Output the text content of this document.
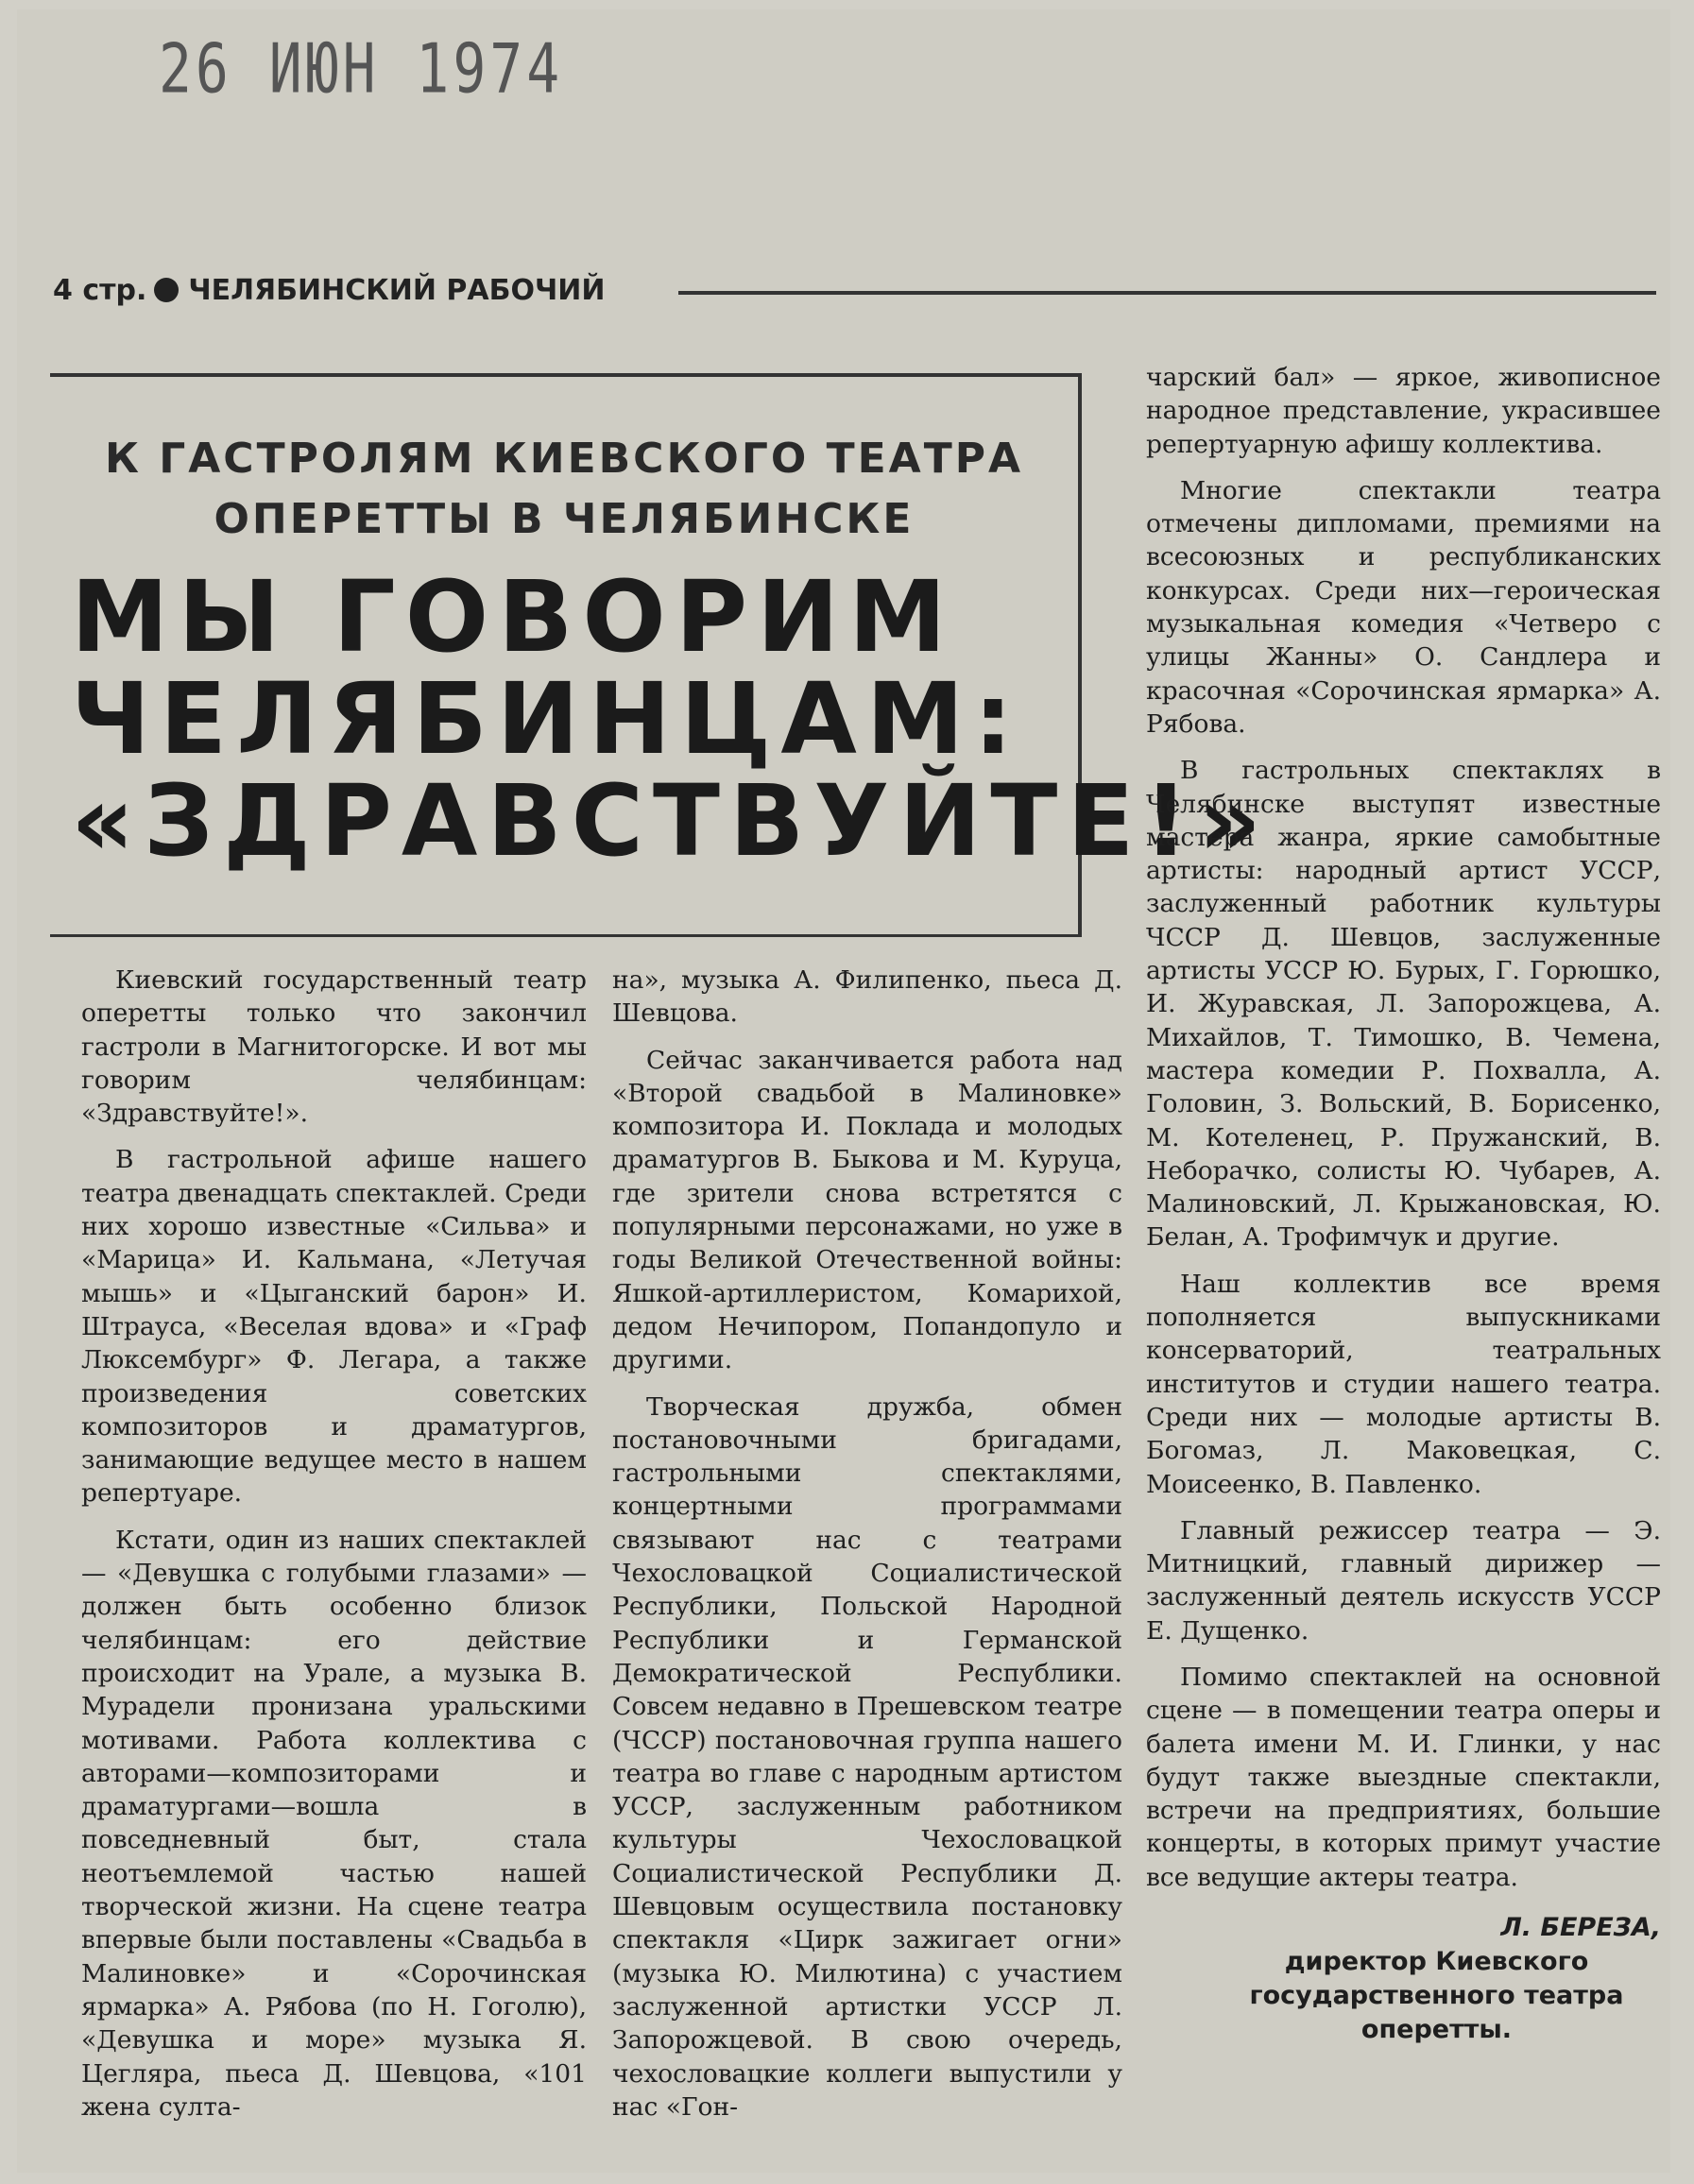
26 ИЮН 1974
4 стр. ЧЕЛЯБИНСКИЙ РАБОЧИЙ
К ГАСТРОЛЯМ КИЕВСКОГО ТЕАТРА
ОПЕРЕТТЫ В ЧЕЛЯБИНСКЕ
МЫ ГОВОРИМ
ЧЕЛЯБИНЦАМ:
«ЗДРАВСТВУЙТЕ!»

Киевский государственный театр оперетты только что закончил гастроли в Магнитогорске. И вот мы говорим челябинцам: «Здравствуйте!».

В гастрольной афише нашего театра двенадцать спектаклей. Среди них хорошо известные «Сильва» и «Марица» И. Кальмана, «Летучая мышь» и «Цыганский барон» И. Штрауса, «Веселая вдова» и «Граф Люксембург» Ф. Легара, а также произведения советских композиторов и драматургов, занимающие ведущее место в нашем репертуаре.

Кстати, один из наших спектаклей — «Девушка с голубыми глазами» — должен быть особенно близок челябинцам: его действие происходит на Урале, а музыка В. Мурадели пронизана уральскими мотивами. Работа коллектива с авторами—композиторами и драматургами—вошла в повседневный быт, стала неотъемлемой частью нашей творческой жизни. На сцене театра впервые были поставлены «Свадьба в Малиновке» и «Сорочинская ярмарка» А. Рябова (по Н. Гоголю), «Девушка и море» музыка Я. Цегляра, пьеса Д. Шевцова, «101 жена султа-

на», музыка А. Филипенко, пьеса Д. Шевцова.

Сейчас заканчивается работа над «Второй свадьбой в Малиновке» композитора И. Поклада и молодых драматургов В. Быкова и М. Куруца, где зрители снова встретятся с популярными персонажами, но уже в годы Великой Отечественной войны: Яшкой-артиллеристом, Комарихой, дедом Нечипором, Попандопуло и другими.

Творческая дружба, обмен постановочными бригадами, гастрольными спектаклями, концертными программами связывают нас с театрами Чехословацкой Социалистической Республики, Польской Народной Республики и Германской Демократической Республики. Совсем недавно в Прешевском театре (ЧССР) постановочная группа нашего театра во главе с народным артистом УССР, заслуженным работником культуры Чехословацкой Социалистической Республики Д. Шевцовым осуществила постановку спектакля «Цирк зажигает огни» (музыка Ю. Милютина) с участием заслуженной артистки УССР Л. Запорожцевой. В свою очередь, чехословацкие коллеги выпустили у нас «Гон-

чарский бал» — яркое, живописное народное представление, украсившее репертуарную афишу коллектива.

Многие спектакли театра отмечены дипломами, премиями на всесоюзных и республиканских конкурсах. Среди них—героическая музыкальная комедия «Четверо с улицы Жанны» О. Сандлера и красочная «Сорочинская ярмарка» А. Рябова.

В гастрольных спектаклях в Челябинске выступят известные мастера жанра, яркие самобытные артисты: народный артист УССР, заслуженный работник культуры ЧССР Д. Шевцов, заслуженные артисты УССР Ю. Бурых, Г. Горюшко, И. Журавская, Л. Запорожцева, А. Михайлов, Т. Тимошко, В. Чемена, мастера комедии Р. Похвалла, А. Головин, З. Вольский, В. Борисенко, М. Котеленец, Р. Пружанский, В. Неборачко, солисты Ю. Чубарев, А. Малиновский, Л. Крыжановская, Ю. Белан, А. Трофимчук и другие.

Наш коллектив все время пополняется выпускниками консерваторий, театральных институтов и студии нашего театра. Среди них — молодые артисты В. Богомаз, Л. Маковецкая, С. Моисеенко, В. Павленко.

Главный режиссер театра — Э. Митницкий, главный дирижер — заслуженный деятель искусств УССР Е. Дущенко.

Помимо спектаклей на основной сцене — в помещении театра оперы и балета имени М. И. Глинки, у нас будут также выездные спектакли, встречи на предприятиях, большие концерты, в которых примут участие все ведущие актеры театра.

Л. БЕРЕЗА,
директор Киевского государственного театра оперетты.
